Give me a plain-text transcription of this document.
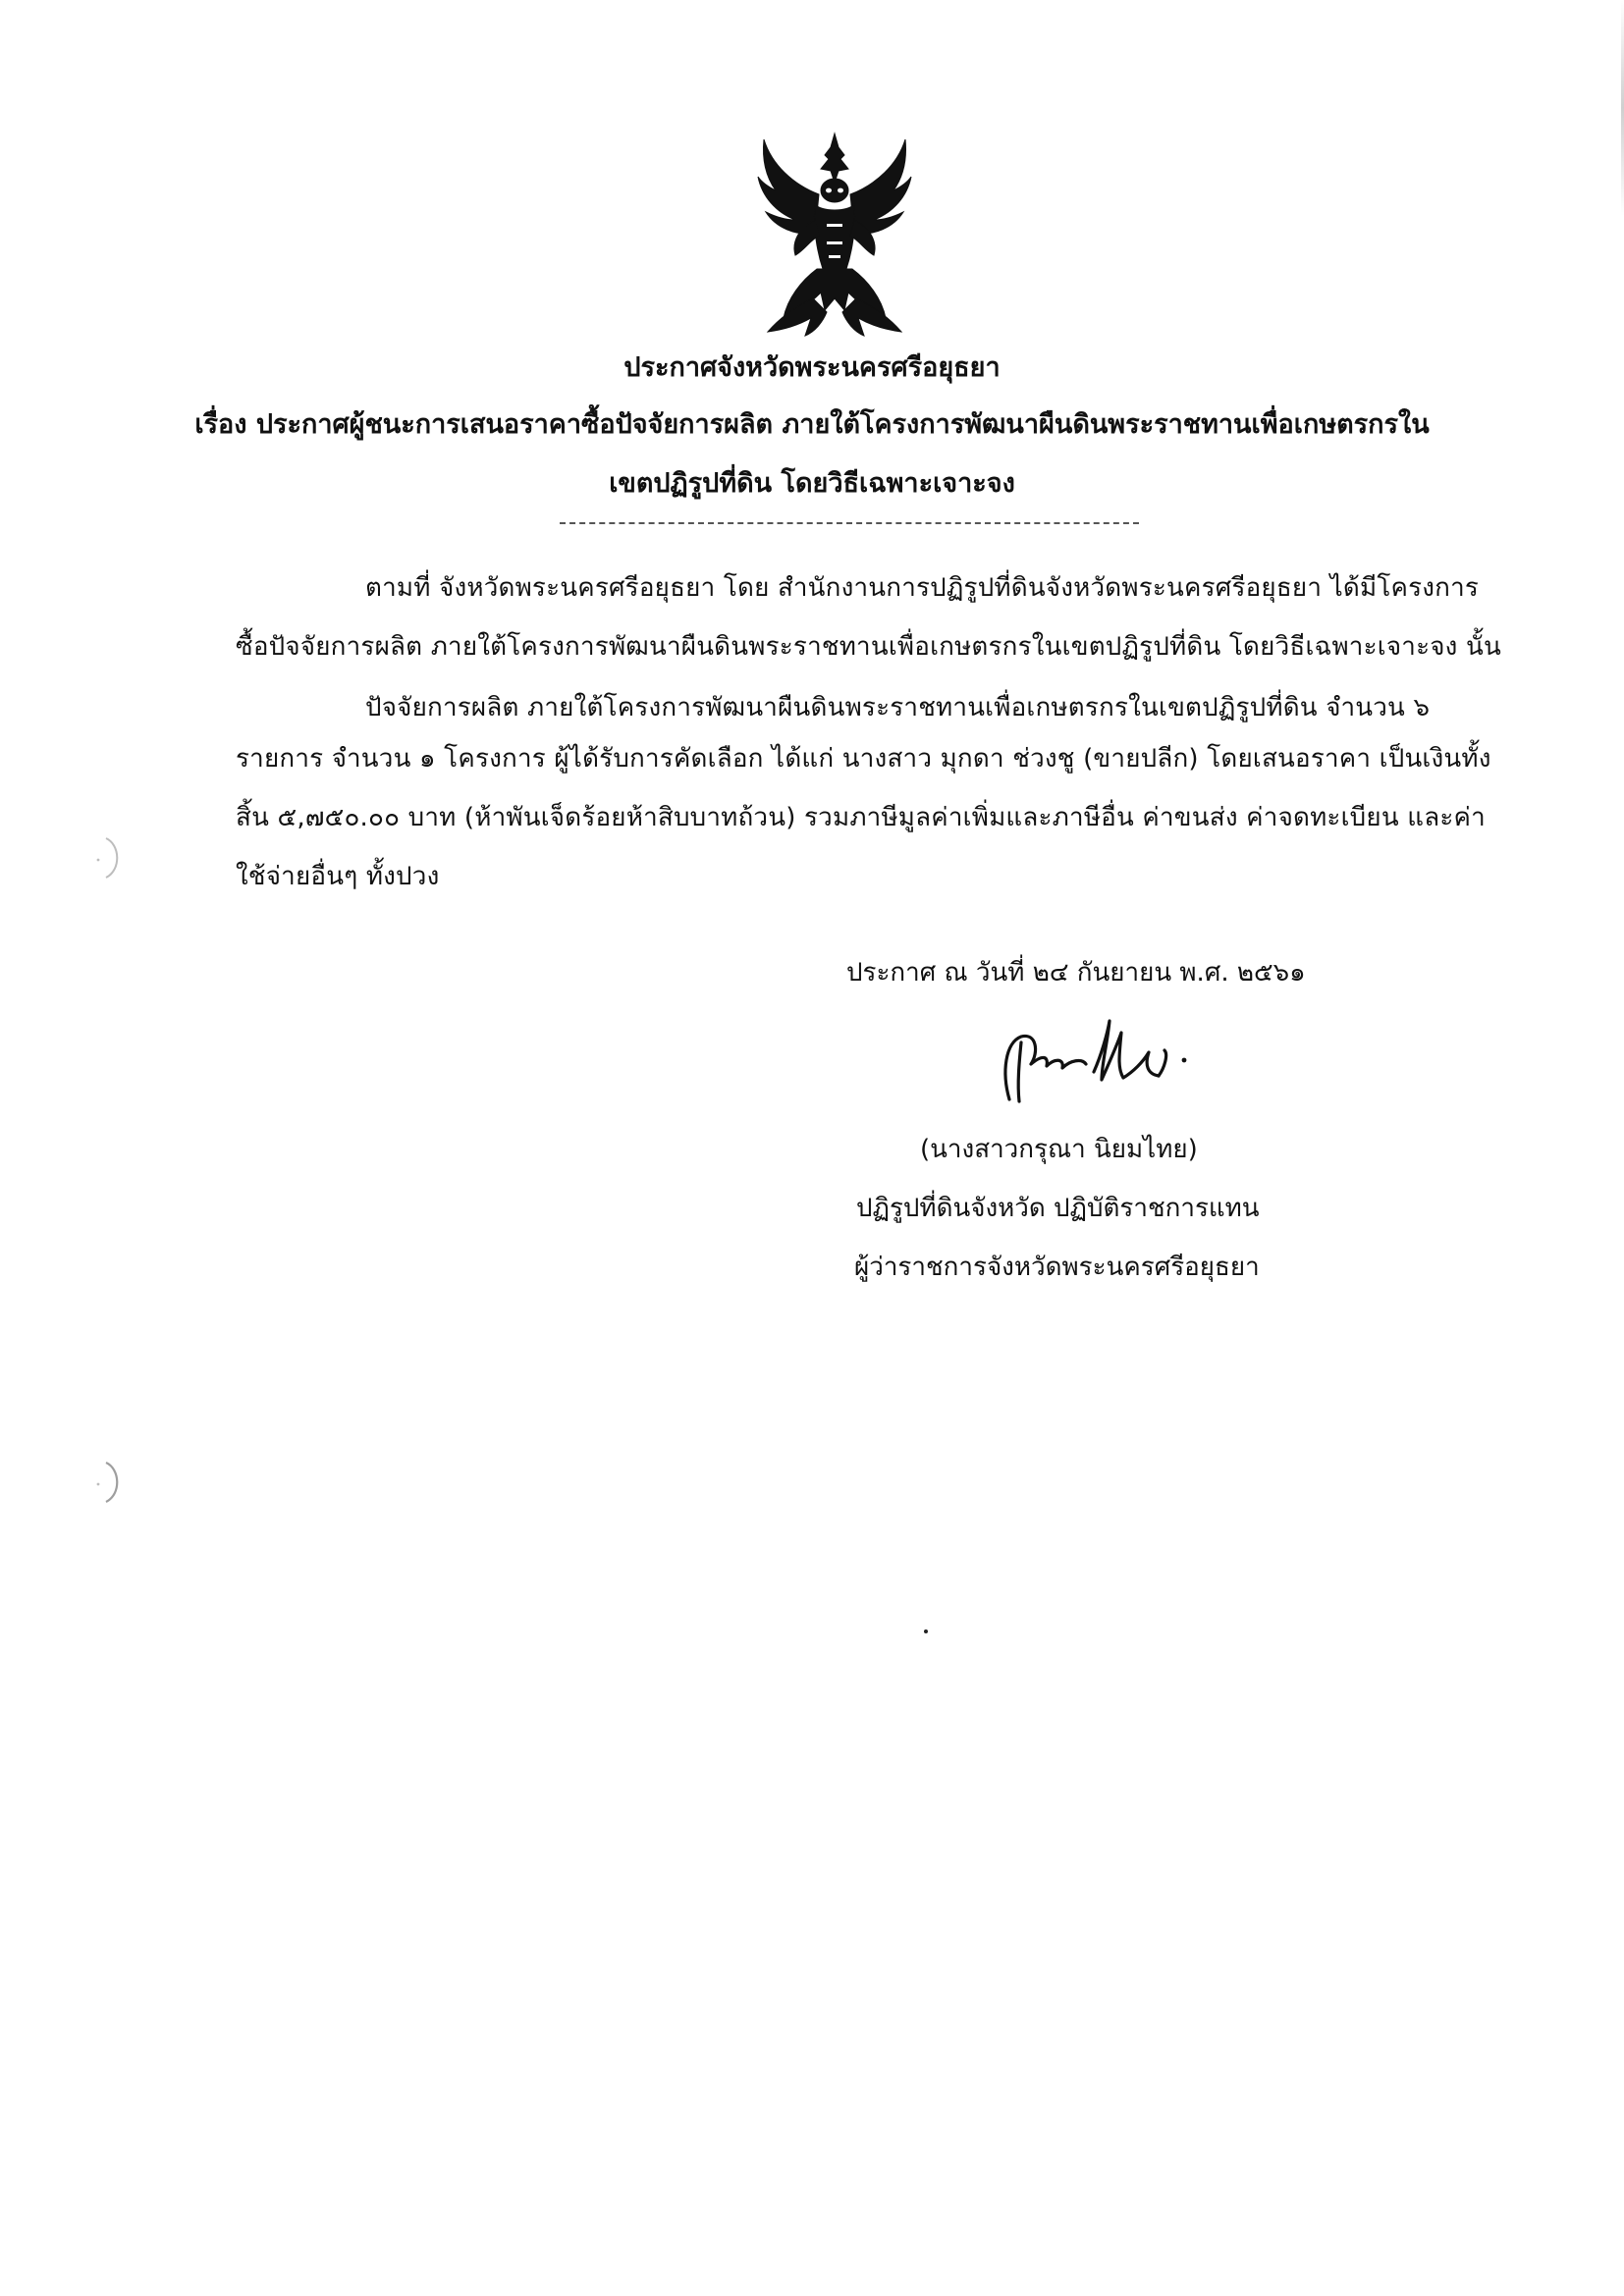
ประกาศจังหวัดพระนครศรีอยุธยา
เรื่อง ประกาศผู้ชนะการเสนอราคาซื้อปัจจัยการผลิต ภายใต้โครงการพัฒนาผืนดินพระราชทานเพื่อเกษตรกรใน
เขตปฏิรูปที่ดิน โดยวิธีเฉพาะเจาะจง
ตามที่ จังหวัดพระนครศรีอยุธยา โดย สำนักงานการปฏิรูปที่ดินจังหวัดพระนครศรีอยุธยา ได้มีโครงการ
ซื้อปัจจัยการผลิต ภายใต้โครงการพัฒนาผืนดินพระราชทานเพื่อเกษตรกรในเขตปฏิรูปที่ดิน โดยวิธีเฉพาะเจาะจง นั้น
ปัจจัยการผลิต ภายใต้โครงการพัฒนาผืนดินพระราชทานเพื่อเกษตรกรในเขตปฏิรูปที่ดิน จำนวน ๖
รายการ จำนวน ๑ โครงการ ผู้ได้รับการคัดเลือก ได้แก่ นางสาว มุกดา ช่วงชู (ขายปลีก) โดยเสนอราคา เป็นเงินทั้ง
สิ้น ๕,๗๕๐.๐๐ บาท (ห้าพันเจ็ดร้อยห้าสิบบาทถ้วน) รวมภาษีมูลค่าเพิ่มและภาษีอื่น ค่าขนส่ง ค่าจดทะเบียน และค่า
ใช้จ่ายอื่นๆ ทั้งปวง
ประกาศ ณ วันที่ ๒๔ กันยายน พ.ศ. ๒๕๖๑
(นางสาวกรุณา นิยมไทย)
ปฏิรูปที่ดินจังหวัด ปฏิบัติราชการแทน
ผู้ว่าราชการจังหวัดพระนครศรีอยุธยา
